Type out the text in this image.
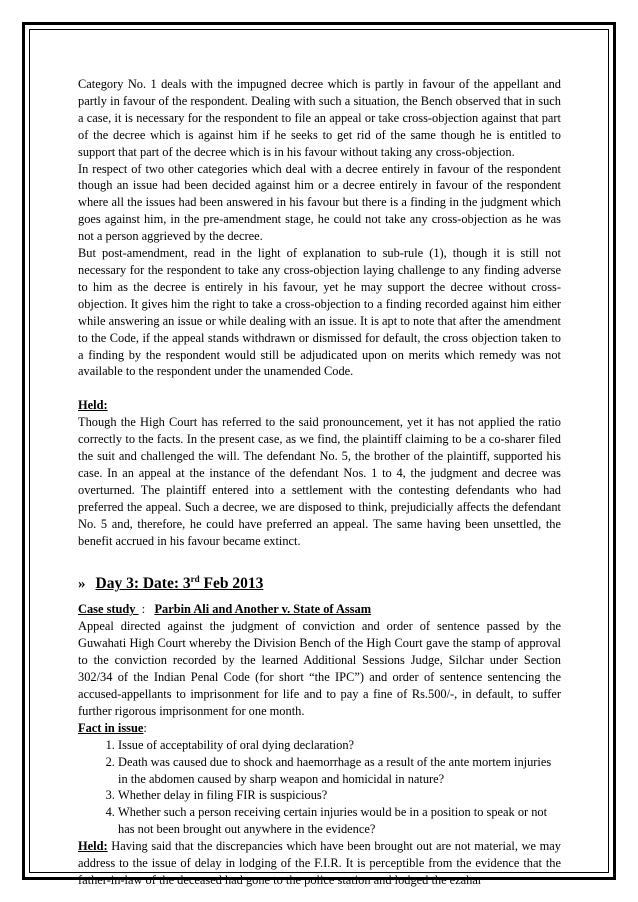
Category No. 1 deals with the impugned decree which is partly in favour of the appellant and partly in favour of the respondent. Dealing with such a situation, the Bench observed that in such a case, it is necessary for the respondent to file an appeal or take cross-objection against that part of the decree which is against him if he seeks to get rid of the same though he is entitled to support that part of the decree which is in his favour without taking any cross-objection.

In respect of two other categories which deal with a decree entirely in favour of the respondent though an issue had been decided against him or a decree entirely in favour of the respondent where all the issues had been answered in his favour but there is a finding in the judgment which goes against him, in the pre-amendment stage, he could not take any cross-objection as he was not a person aggrieved by the decree.

But post-amendment, read in the light of explanation to sub-rule (1), though it is still not necessary for the respondent to take any cross-objection laying challenge to any finding adverse to him as the decree is entirely in his favour, yet he may support the decree without cross-objection. It gives him the right to take a cross-objection to a finding recorded against him either while answering an issue or while dealing with an issue. It is apt to note that after the amendment to the Code, if the appeal stands withdrawn or dismissed for default, the cross objection taken to a finding by the respondent would still be adjudicated upon on merits which remedy was not available to the respondent under the unamended Code.

Held:

Though the High Court has referred to the said pronouncement, yet it has not applied the ratio correctly to the facts. In the present case, as we find, the plaintiff claiming to be a co-sharer filed the suit and challenged the will. The defendant No. 5, the brother of the plaintiff, supported his case. In an appeal at the instance of the defendant Nos. 1 to 4, the judgment and decree was overturned. The plaintiff entered into a settlement with the contesting defendants who had preferred the appeal. Such a decree, we are disposed to think, prejudicially affects the defendant No. 5 and, therefore, he could have preferred an appeal. The same having been unsettled, the benefit accrued in his favour became extinct.

» Day 3: Date: 3rd Feb 2013

Case study  :   Parbin Ali and Another v. State of Assam

Appeal directed against the judgment of conviction and order of sentence passed by the Guwahati High Court whereby the Division Bench of the High Court gave the stamp of approval to the conviction recorded by the learned Additional Sessions Judge, Silchar under Section 302/34 of the Indian Penal Code (for short “the IPC”) and order of sentence sentencing the accused-appellants to imprisonment for life and to pay a fine of Rs.500/-, in default, to suffer further rigorous imprisonment for one month.

Fact in issue:

1. Issue of acceptability of oral dying declaration?
2. Death was caused due to shock and haemorrhage as a result of the ante mortem injuries in the abdomen caused by sharp weapon and homicidal in nature?
3. Whether delay in filing FIR is suspicious?
4. Whether such a person receiving certain injuries would be in a position to speak or not has not been brought out anywhere in the evidence?

Held: Having said that the discrepancies which have been brought out are not material, we may address to the issue of delay in lodging of the F.I.R. It is perceptible from the evidence that the father-in-law of the deceased had gone to the police station and lodged the ezahar
